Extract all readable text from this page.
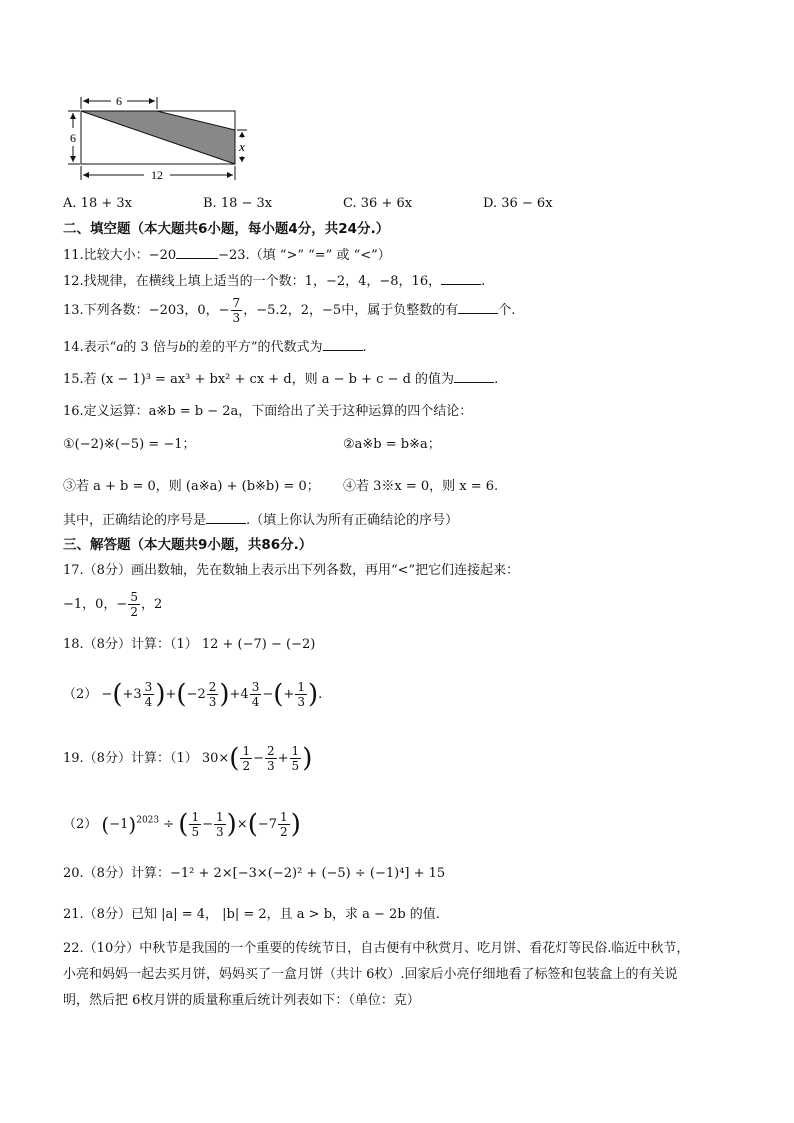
6
6
x
12
A. 18 + 3x	B. 18 − 3x	C. 36 + 6x	D. 36 − 6x
二、填空题（本大题共6小题，每小题4分，共24分.）
11.比较大小：−20	−23.（填 “>” “=” 或 “<”）
12.找规律，在横线上填上适当的一个数：1，−2，4，−8，16，	.
13.下列各数：−203，0，− $\frac{7}{3}$ ，−5.2，2，−5中，属于负整数的有	个.
14.表示“a的 3 倍与b的差的平方”的代数式为	.
15.若 (x − 1)³ = ax³ + bx² + cx + d，则 a − b + c − d 的值为	.
16.定义运算：a※b = b − 2a，下面给出了关于这种运算的四个结论：
①(−2)※(−5) = −1；	②a※b = b※a；
③若 a + b = 0，则 (a※a) + (b※b) = 0； ④若 3※x = 0，则 x = 6.
其中，正确结论的序号是	.（填上你认为所有正确结论的序号）
三、解答题（本大题共9小题，共86分.）
17.（8分）画出数轴，先在数轴上表示出下列各数，再用“<”把它们连接起来：
−1，0，− $\frac{5}{2}$ ，2
18.（8分）计算：（1） 12 + (−7) − (−2)
$(2) -(+3 \frac{3}{4} )+(-2 \frac{2}{3} )+4 \frac{3}{4}$ −(+ $\frac{1}{3}$ ).
19.（8分）计算：（1） $30\times( \frac{1}{2} - \frac{2}{3} + \frac{1}{5}$ )
（2） $(-1)^{2023}$ ÷ ( $\frac{1}{5} - \frac{1}{3} )\times(-7 \frac{1}{2}$ )
20.（8分）计算：−1² + 2×[−3×(−2)² + (−5) ÷ (−1)⁴] + 15
21.（8分）已知 |a| = 4， |b| = 2，且 a > b，求 a − 2b 的值.
22.（10分）中秋节是我国的一个重要的传统节日，自古便有中秋赏月、吃月饼、看花灯等民俗.临近中秋节，
小亮和妈妈一起去买月饼，妈妈买了一盒月饼（共计 6枚）.回家后小亮仔细地看了标签和包装盒上的有关说
明，然后把 6枚月饼的质量称重后统计列表如下：（单位：克）
